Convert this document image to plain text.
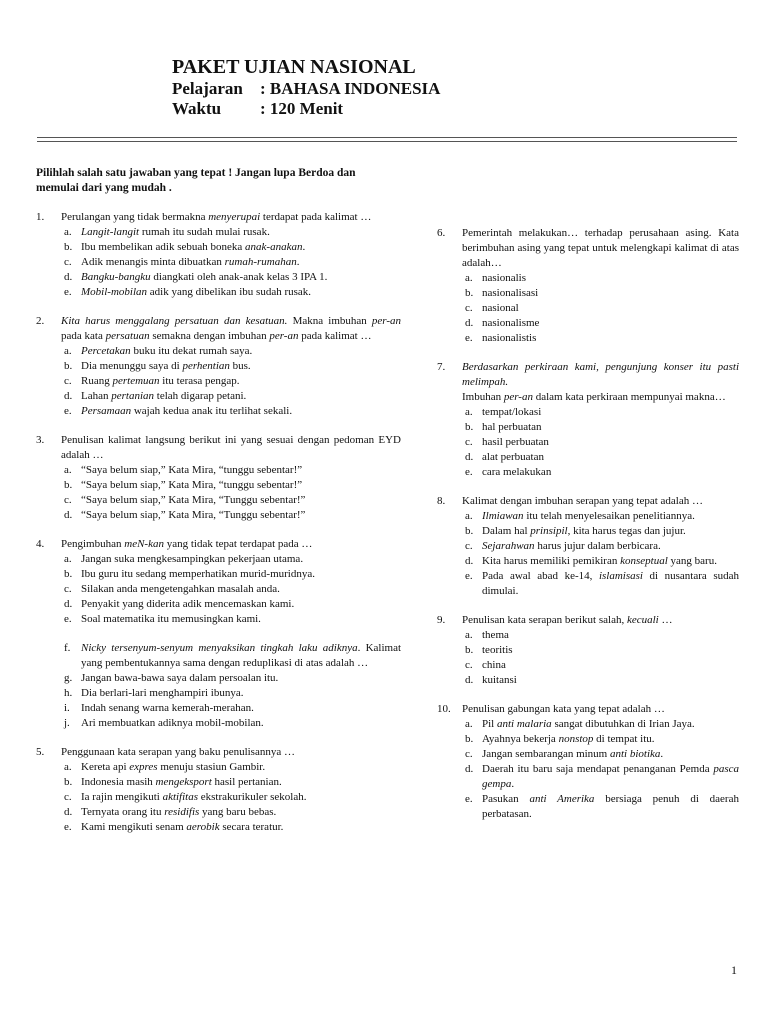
PAKET UJIAN NASIONAL
Pelajaran	: BAHASA INDONESIA
Waktu	: 120 Menit
Pilihlah salah satu jawaban yang tepat ! Jangan lupa Berdoa dan memulai dari yang mudah .
1. Perulangan yang tidak bermakna menyerupai terdapat pada kalimat …
a. Langit-langit rumah itu sudah mulai rusak.
b. Ibu membelikan adik sebuah boneka anak-anakan.
c. Adik menangis minta dibuatkan rumah-rumahan.
d. Bangku-bangku diangkati oleh anak-anak kelas 3 IPA 1.
e. Mobil-mobilan adik yang dibelikan ibu sudah rusak.
2. Kita harus menggalang persatuan dan kesatuan. Makna imbuhan per-an pada kata persatuan semakna dengan imbuhan per-an pada kalimat …
a. Percetakan buku itu dekat rumah saya.
b. Dia menunggu saya di perhentian bus.
c. Ruang pertemuan itu terasa pengap.
d. Lahan pertanian telah digarap petani.
e. Persamaan wajah kedua anak itu terlihat sekali.
3. Penulisan kalimat langsung berikut ini yang sesuai dengan pedoman EYD adalah …
a. “Saya belum siap,” Kata Mira, “tunggu sebentar!”
b. “Saya belum siap,” Kata Mira, “tunggu sebentar!”
c. “Saya belum siap,” Kata Mira, “Tunggu sebentar!”
d. “Saya belum siap,” Kata Mira, “Tunggu sebentar!”
4. Pengimbuhan meN-kan yang tidak tepat terdapat pada …
a. Jangan suka mengkesampingkan pekerjaan utama.
b. Ibu guru itu sedang memperhatikan murid-muridnya.
c. Silakan anda mengetengahkan masalah anda.
d. Penyakit yang diderita adik mencemaskan kami.
e. Soal matematika itu memusingkan kami.
f. Nicky tersenyum-senyum menyaksikan tingkah laku adiknya. Kalimat yang pembentukannya sama dengan reduplikasi di atas adalah …
g. Jangan bawa-bawa saya dalam persoalan itu.
h. Dia berlari-lari menghampiri ibunya.
i. Indah senang warna kemerah-merahan.
j. Ari membuatkan adiknya mobil-mobilan.
5. Penggunaan kata serapan yang baku penulisannya …
a. Kereta api expres menuju stasiun Gambir.
b. Indonesia masih mengeksport hasil pertanian.
c. Ia rajin mengikuti aktifitas ekstrakurikuler sekolah.
d. Ternyata orang itu residifis yang baru bebas.
e. Kami mengikuti senam aerobik secara teratur.
6. Pemerintah melakukan… terhadap perusahaan asing. Kata berimbuhan asing yang tepat untuk melengkapi kalimat di atas adalah…
a. nasionalis
b. nasionalisasi
c. nasional
d. nasionalisme
e. nasionalistis
7. Berdasarkan perkiraan kami, pengunjung konser itu pasti melimpah.
Imbuhan per-an dalam kata perkiraan mempunyai makna…
a. tempat/lokasi
b. hal perbuatan
c. hasil perbuatan
d. alat perbuatan
e. cara melakukan
8. Kalimat dengan imbuhan serapan yang tepat adalah …
a. Ilmiawan itu telah menyelesaikan penelitiannya.
b. Dalam hal prinsipil, kita harus tegas dan jujur.
c. Sejarahwan harus jujur dalam berbicara.
d. Kita harus memiliki pemikiran konseptual yang baru.
e. Pada awal abad ke-14, islamisasi di nusantara sudah dimulai.
9. Penulisan kata serapan berikut salah, kecuali …
a. thema
b. teoritis
c. china
d. kuitansi
10. Penulisan gabungan kata yang tepat adalah …
a. Pil anti malaria sangat dibutuhkan di Irian Jaya.
b. Ayahnya bekerja nonstop di tempat itu.
c. Jangan sembarangan minum anti biotika.
d. Daerah itu baru saja mendapat penanganan Pemda pasca gempa.
e. Pasukan anti Amerika bersiaga penuh di daerah perbatasan.
1
